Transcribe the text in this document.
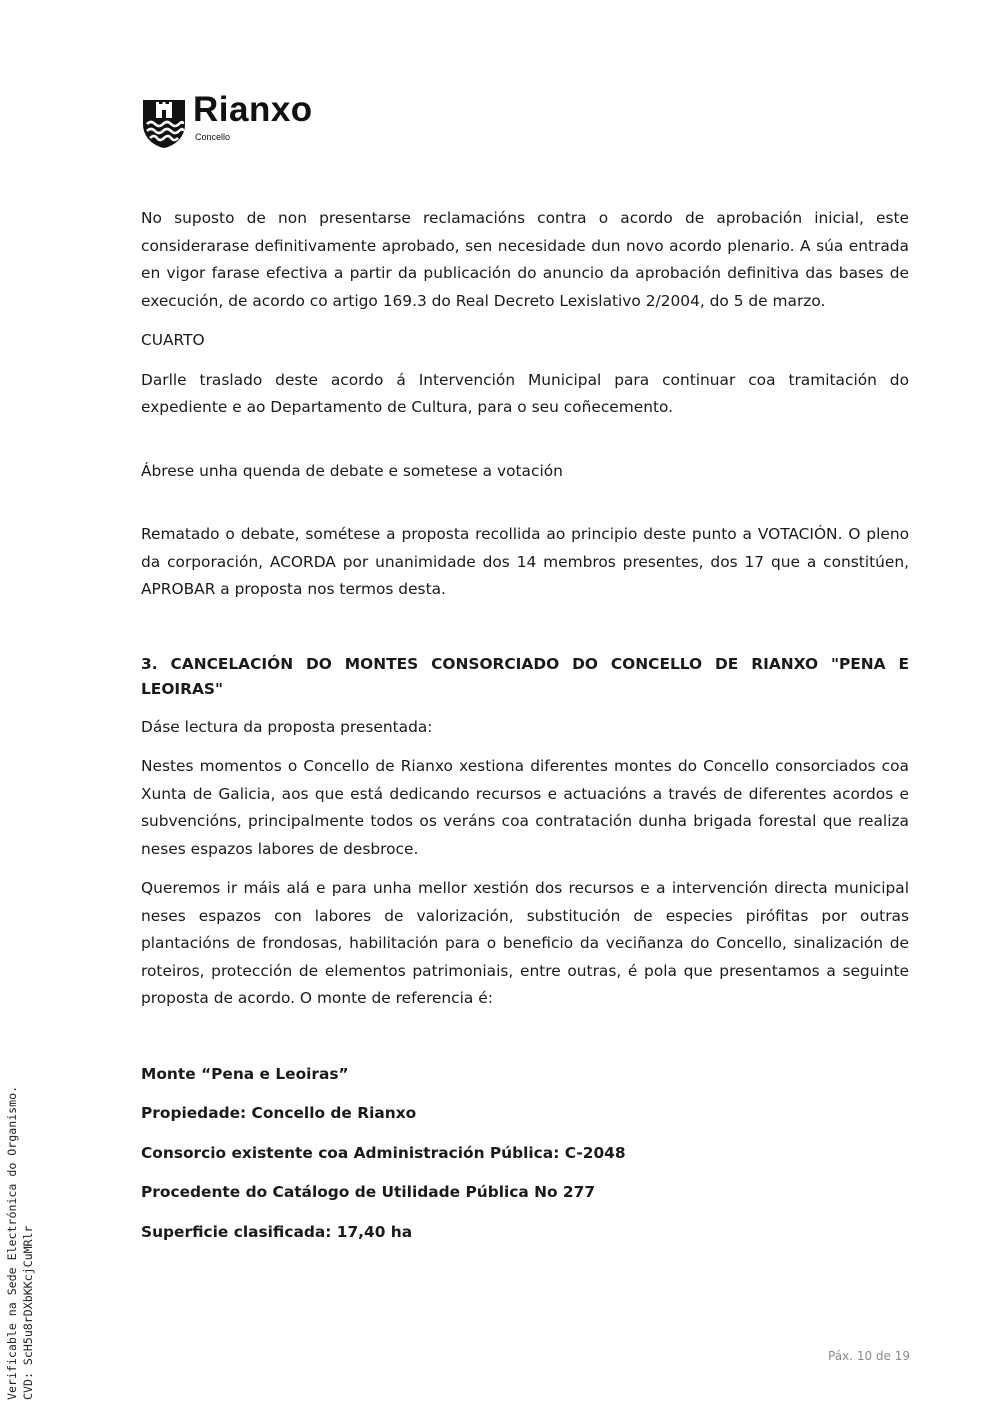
Rianxo
Concello

No suposto de non presentarse reclamacións contra o acordo de aprobación inicial, este considerarase definitivamente aprobado, sen necesidade dun novo acordo plenario. A súa entrada en vigor farase efectiva a partir da publicación do anuncio da aprobación definitiva das bases de execución, de acordo co artigo 169.3 do Real Decreto Lexislativo 2/2004, do 5 de marzo.

CUARTO

Darlle traslado deste acordo á Intervención Municipal para continuar coa tramitación do expediente e ao Departamento de Cultura, para o seu coñecemento.

Ábrese unha quenda de debate e sometese a votación

Rematado o debate, sométese a proposta recollida ao principio deste punto a VOTACIÓN. O pleno da corporación, ACORDA por unanimidade dos 14 membros presentes, dos 17 que a constitúen, APROBAR a proposta nos termos desta.

3. CANCELACIÓN DO MONTES CONSORCIADO DO CONCELLO DE RIANXO "PENA E LEOIRAS"

Dáse lectura da proposta presentada:

Nestes momentos o Concello de Rianxo xestiona diferentes montes do Concello consorciados coa Xunta de Galicia, aos que está dedicando recursos e actuacións a través de diferentes acordos e subvencións, principalmente todos os veráns coa contratación dunha brigada forestal que realiza neses espazos labores de desbroce.

Queremos ir máis alá e para unha mellor xestión dos recursos e a intervención directa municipal neses espazos con labores de valorización, substitución de especies pirófitas por outras plantacións de frondosas, habilitación para o beneficio da veciñanza do Concello, sinalización de roteiros, protección de elementos patrimoniais, entre outras, é pola que presentamos a seguinte proposta de acordo. O monte de referencia é:

Monte “Pena e Leoiras”

Propiedade: Concello de Rianxo

Consorcio existente coa Administración Pública: C-2048

Procedente do Catálogo de Utilidade Pública No 277

Superficie clasificada: 17,40 ha

Verificable na Sede Electrónica do Organismo. CVD: ScH5u8rDXbKKcjCuMRlr	Páx. 10 de 19
